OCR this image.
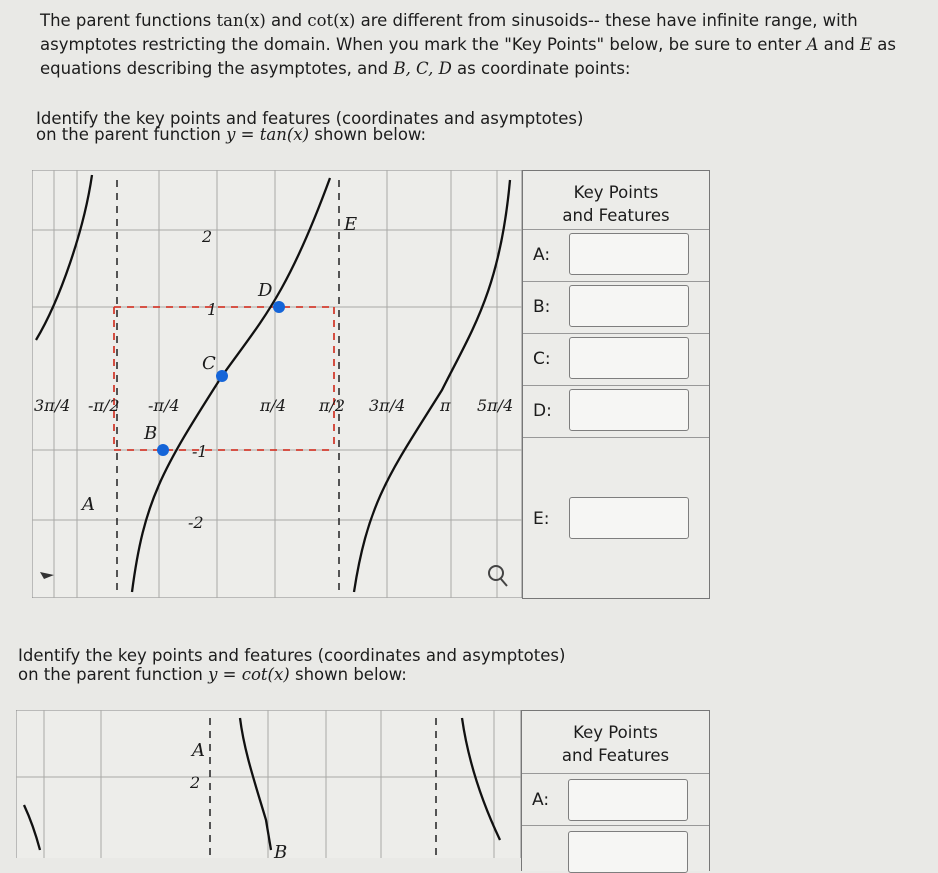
The parent functions tan(x) and cot(x) are different from sinusoids-- these have infinite range, with

asymptotes restricting the domain. When you mark the "Key Points" below, be sure to enter A and E as

equations describing the asymptotes, and B, C, D as coordinate points:

Identify the key points and features (coordinates and asymptotes)

on the parent function y = tan(x) shown below:

E
D
C
B
A
2
1
-1
-2
3π/4 -π/2 -π/4	π/4 π/2 3π/4 π 5π/4
Key Points
and Features
A:
B:
C:
D:
E:

Identify the key points and features (coordinates and asymptotes)

on the parent function y = cot(x) shown below:

A
2
B
Key Points
and Features
A:
